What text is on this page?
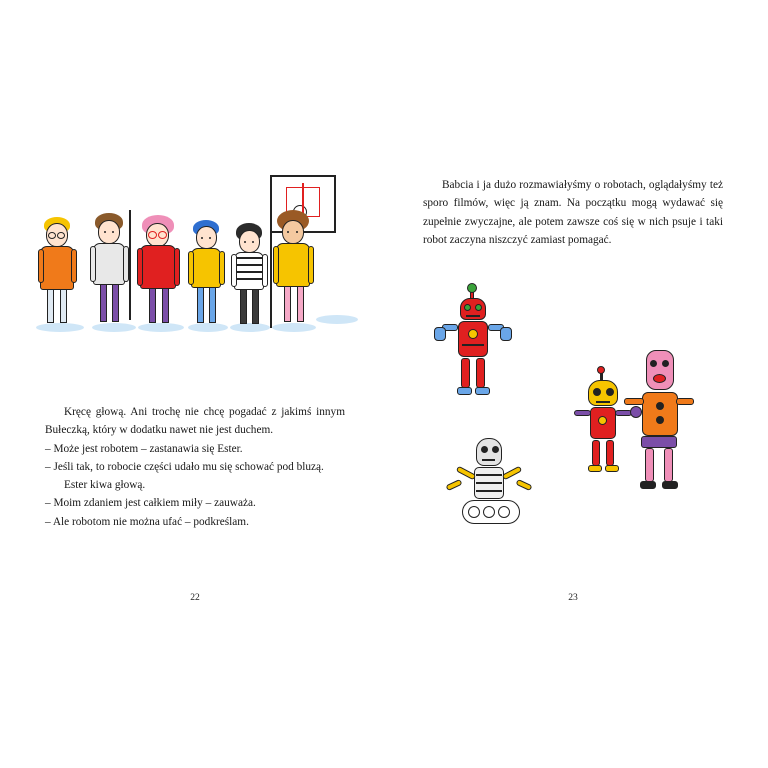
Kręcę głową. Ani trochę nie chcę pogadać z jakimś innym Bułeczką, który w dodatku nawet nie jest duchem.

– Może jest robotem – zastanawia się Ester.

– Jeśli tak, to robocie części udało mu się schować pod bluzą.

Ester kiwa głową.

– Moim zdaniem jest całkiem miły – zauważa.

– Ale robotom nie można ufać – podkreślam.

22

Babcia i ja dużo rozmawiałyśmy o robotach, oglądałyśmy też sporo filmów, więc ją znam. Na początku mogą wydawać się zupełnie zwyczajne, ale potem zawsze coś się w nich psuje i taki robot zaczyna niszczyć zamiast pomagać.

23
